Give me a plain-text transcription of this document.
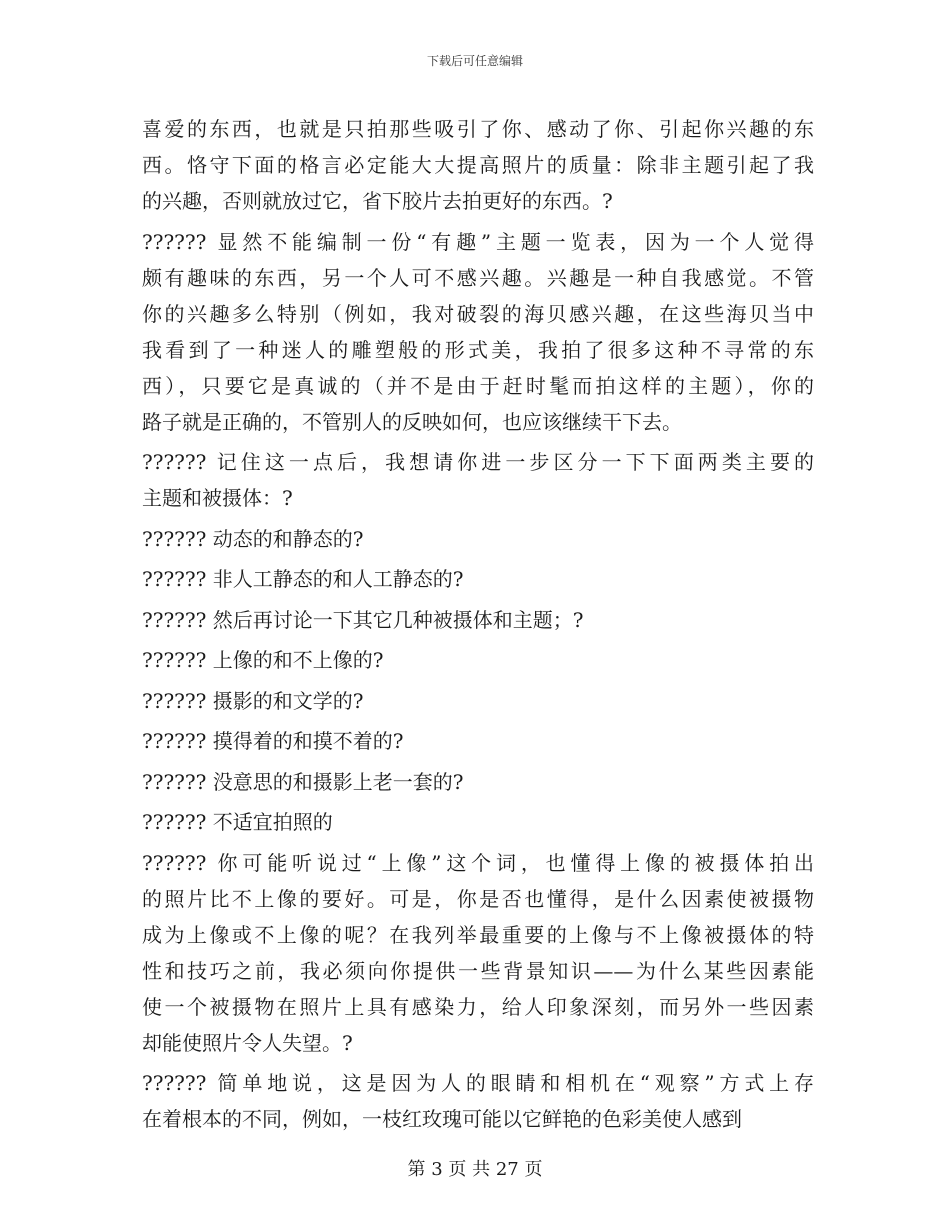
下载后可任意编辑
喜爱的东西，也就是只拍那些吸引了你、感动了你、引起你兴趣的东
西。恪守下面的格言必定能大大提高照片的质量：除非主题引起了我
的兴趣，否则就放过它，省下胶片去拍更好的东西。?
?????? 显然不能编制一份“有趣”主题一览表，因为一个人觉得
颇有趣味的东西，另一个人可不感兴趣。兴趣是一种自我感觉。不管
你的兴趣多么特别（例如，我对破裂的海贝感兴趣，在这些海贝当中
我看到了一种迷人的雕塑般的形式美，我拍了很多这种不寻常的东
西），只要它是真诚的（并不是由于赶时髦而拍这样的主题），你的
路子就是正确的，不管别人的反映如何，也应该继续干下去。
?????? 记住这一点后，我想请你进一步区分一下下面两类主要的
主题和被摄体：?
?????? 动态的和静态的?
?????? 非人工静态的和人工静态的?
?????? 然后再讨论一下其它几种被摄体和主题；?
?????? 上像的和不上像的?
?????? 摄影的和文学的?
?????? 摸得着的和摸不着的?
?????? 没意思的和摄影上老一套的?
?????? 不适宜拍照的
?????? 你可能听说过“上像”这个词，也懂得上像的被摄体拍出
的照片比不上像的要好。可是，你是否也懂得，是什么因素使被摄物
成为上像或不上像的呢？在我列举最重要的上像与不上像被摄体的特
性和技巧之前，我必须向你提供一些背景知识——为什么某些因素能
使一个被摄物在照片上具有感染力，给人印象深刻，而另外一些因素
却能使照片令人失望。?
?????? 简单地说，这是因为人的眼睛和相机在“观察”方式上存
在着根本的不同，例如，一枝红玫瑰可能以它鲜艳的色彩美使人感到
第 3 页 共 27 页
